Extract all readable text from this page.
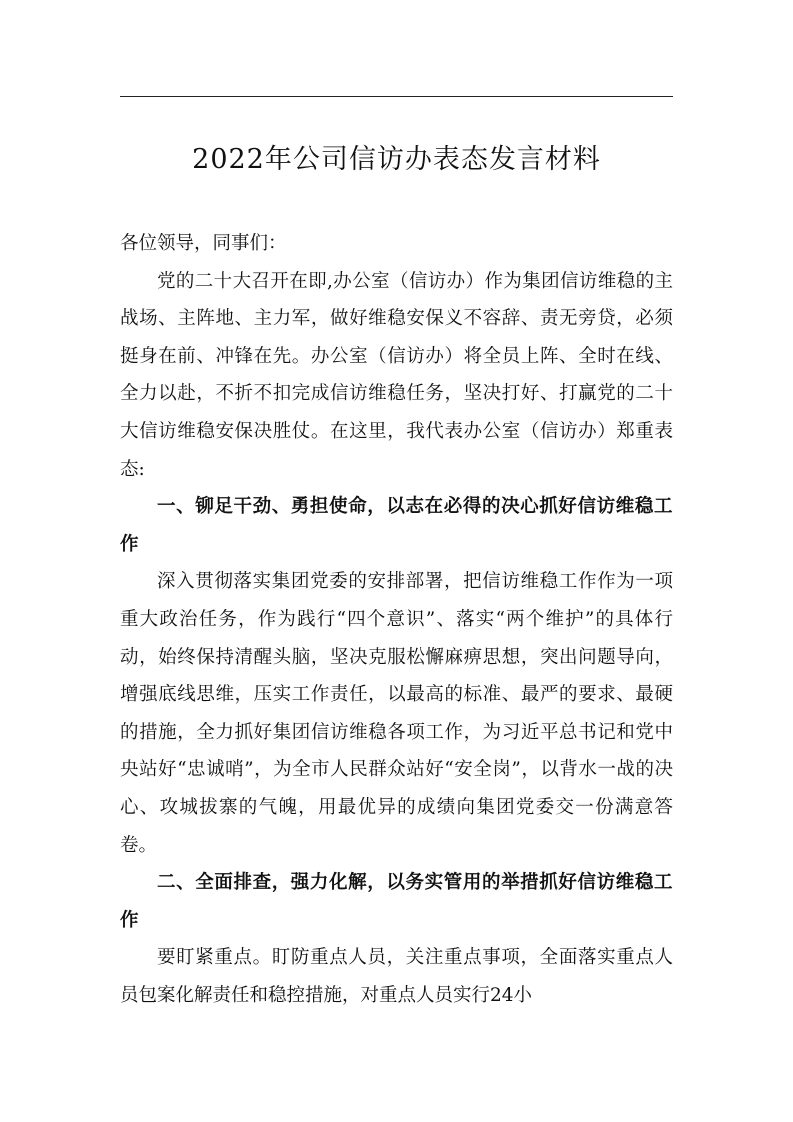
2022年公司信访办表态发言材料

各位领导，同事们：

党的二十大召开在即,办公室（信访办）作为集团信访维稳的主战场、主阵地、主力军，做好维稳安保义不容辞、责无旁贷，必须挺身在前、冲锋在先。办公室（信访办）将全员上阵、全时在线、全力以赴，不折不扣完成信访维稳任务，坚决打好、打赢党的二十大信访维稳安保决胜仗。在这里，我代表办公室（信访办）郑重表态:

一、铆足干劲、勇担使命，以志在必得的决心抓好信访维稳工作

深入贯彻落实集团党委的安排部署，把信访维稳工作作为一项重大政治任务，作为践行“四个意识”、落实“两个维护”的具体行动，始终保持清醒头脑，坚决克服松懈麻痹思想，突出问题导向，增强底线思维，压实工作责任，以最高的标准、最严的要求、最硬的措施，全力抓好集团信访维稳各项工作，为习近平总书记和党中央站好“忠诚哨”，为全市人民群众站好“安全岗”，以背水一战的决心、攻城拔寨的气魄，用最优异的成绩向集团党委交一份满意答卷。

二、全面排查，强力化解，以务实管用的举措抓好信访维稳工作

要盯紧重点。盯防重点人员，关注重点事项，全面落实重点人员包案化解责任和稳控措施，对重点人员实行24小
